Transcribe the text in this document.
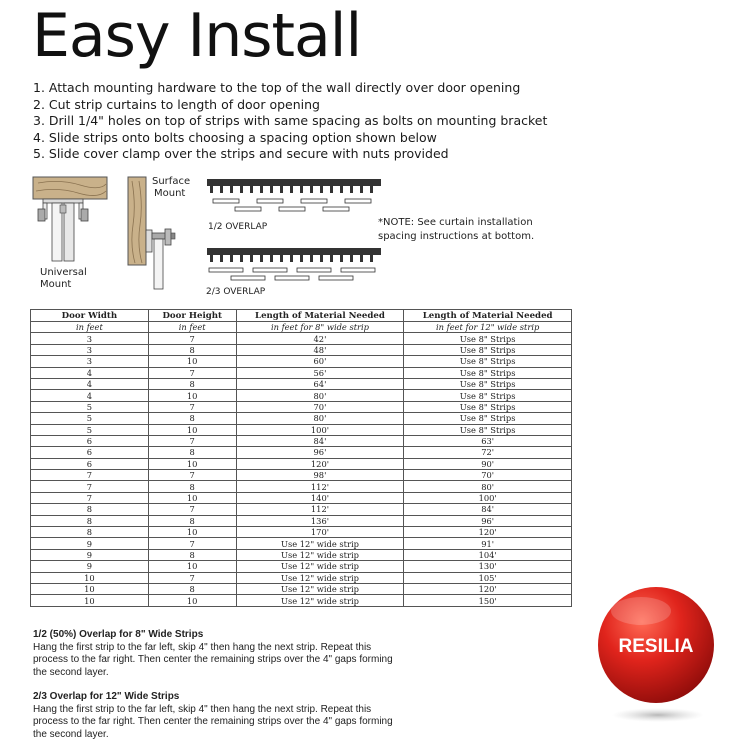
Easy Install
1. Attach mounting hardware to the top of the wall directly over door opening
2. Cut strip curtains to length of door opening
3. Drill 1/4" holes on top of strips with same spacing as bolts on mounting bracket
4. Slide strips onto bolts choosing a spacing option shown below
5. Slide cover clamp over the strips and secure with nuts provided
Universal
Mount
Surface
Mount
1/2 OVERLAP
2/3 OVERLAP
*NOTE: See curtain installation
spacing instructions at bottom.
Door Width	Door Height	Length of Material Needed	Length of Material Needed
in feet	in feet	in feet for 8" wide strip	in feet for 12" wide strip
3	7	42'	Use 8" Strips
3	8	48'	Use 8" Strips
3	10	60'	Use 8" Strips
4	7	56'	Use 8" Strips
4	8	64'	Use 8" Strips
4	10	80'	Use 8" Strips
5	7	70'	Use 8" Strips
5	8	80'	Use 8" Strips
5	10	100'	Use 8" Strips
6	7	84'	63'
6	8	96'	72'
6	10	120'	90'
7	7	98'	70'
7	8	112'	80'
7	10	140'	100'
8	7	112'	84'
8	8	136'	96'
8	10	170'	120'
9	7	Use 12" wide strip	91'
9	8	Use 12" wide strip	104'
9	10	Use 12" wide strip	130'
10	7	Use 12" wide strip	105'
10	8	Use 12" wide strip	120'
10	10	Use 12" wide strip	150'
1/2 (50%) Overlap for 8" Wide Strips
Hang the first strip to the far left, skip 4" then hang the next strip. Repeat this
process to the far right. Then center the remaining strips over the 4" gaps forming
the second layer.
2/3 Overlap for 12" Wide Strips
Hang the first strip to the far left, skip 4" then hang the next strip. Repeat this
process to the far right. Then center the remaining strips over the 4" gaps forming
the second layer.
RESILIA
